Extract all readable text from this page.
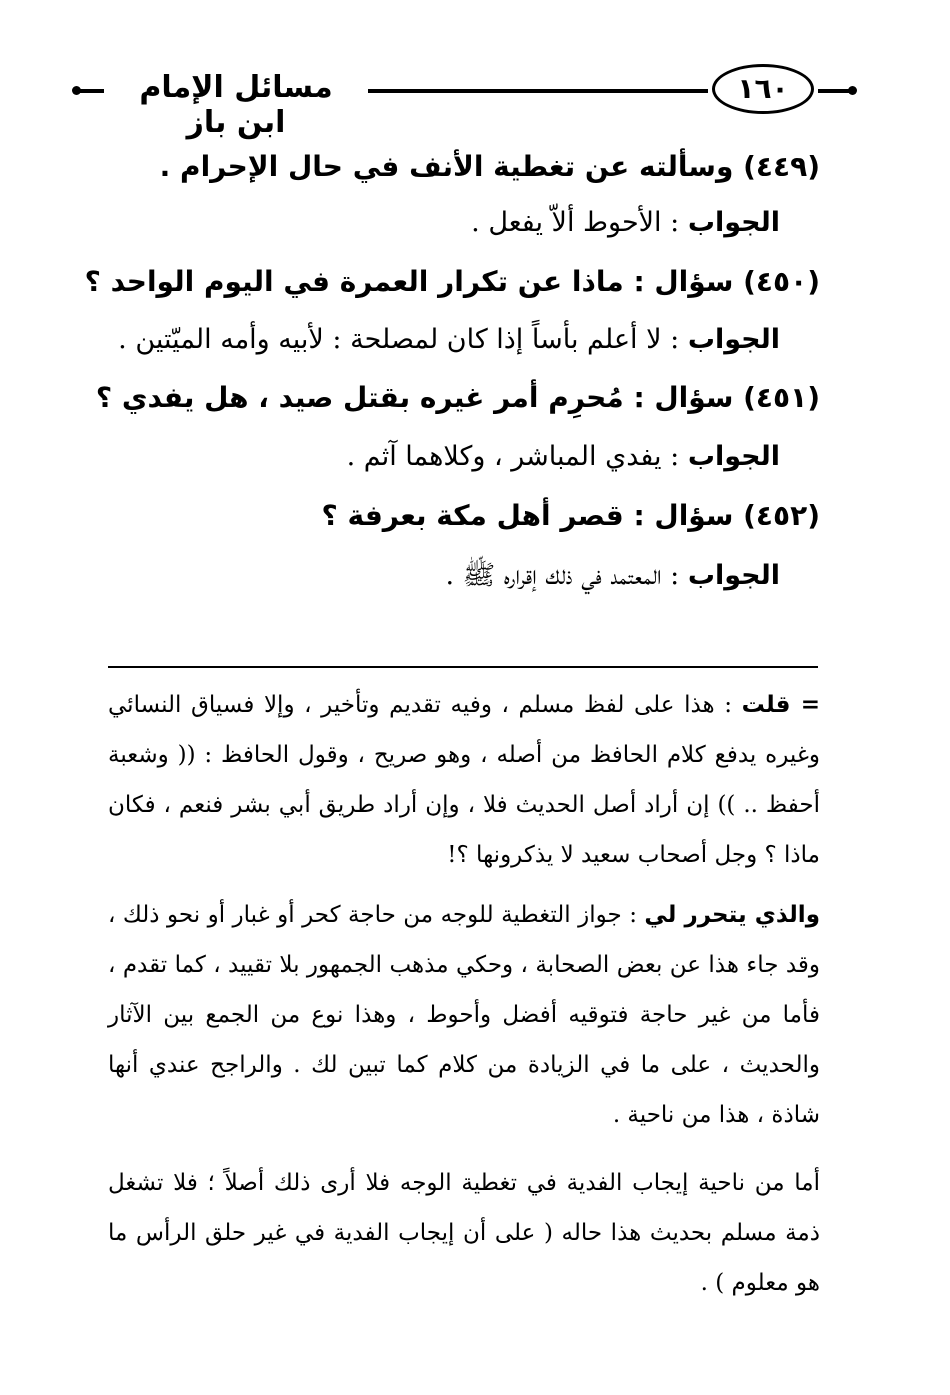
مسائل الإمام ابن باز
١٦٠
(٤٤٩) وسألته عن تغطية الأنف في حال الإحرام .
الجواب : الأحوط ألاّ يفعل .
(٤٥٠) سؤال : ماذا عن تكرار العمرة في اليوم الواحد ؟
الجواب : لا أعلم بأساً إذا كان لمصلحة : لأبيه وأمه الميّتين .
(٤٥١) سؤال : مُحرِم أمر غيره بقتل صيد ، هل يفدي ؟
الجواب : يفدي المباشر ، وكلاهما آثم .
(٤٥٢) سؤال : قصر أهل مكة بعرفة ؟
الجواب : المعتمد في ذلك إقراره ﷺ .
= قلت : هذا على لفظ مسلم ، وفيه تقديم وتأخير ، وإلا فسياق النسائي وغيره يدفع كلام الحافظ من أصله ، وهو صريح ، وقول الحافظ : (( وشعبة أحفظ .. )) إن أراد أصل الحديث فلا ، وإن أراد طريق أبي بشر فنعم ، فكان ماذا ؟ وجل أصحاب سعيد لا يذكرونها ؟!
والذي يتحرر لي : جواز التغطية للوجه من حاجة كحر أو غبار أو نحو ذلك ، وقد جاء هذا عن بعض الصحابة ، وحكي مذهب الجمهور بلا تقييد ، كما تقدم ، فأما من غير حاجة فتوقيه أفضل وأحوط ، وهذا نوع من الجمع بين الآثار والحديث ، على ما في الزيادة من كلام كما تبين لك . والراجح عندي أنها شاذة ، هذا من ناحية .
أما من ناحية إيجاب الفدية في تغطية الوجه فلا أرى ذلك أصلاً ؛ فلا تشغل ذمة مسلم بحديث هذا حاله ( على أن إيجاب الفدية في غير حلق الرأس ما هو معلوم ) .
